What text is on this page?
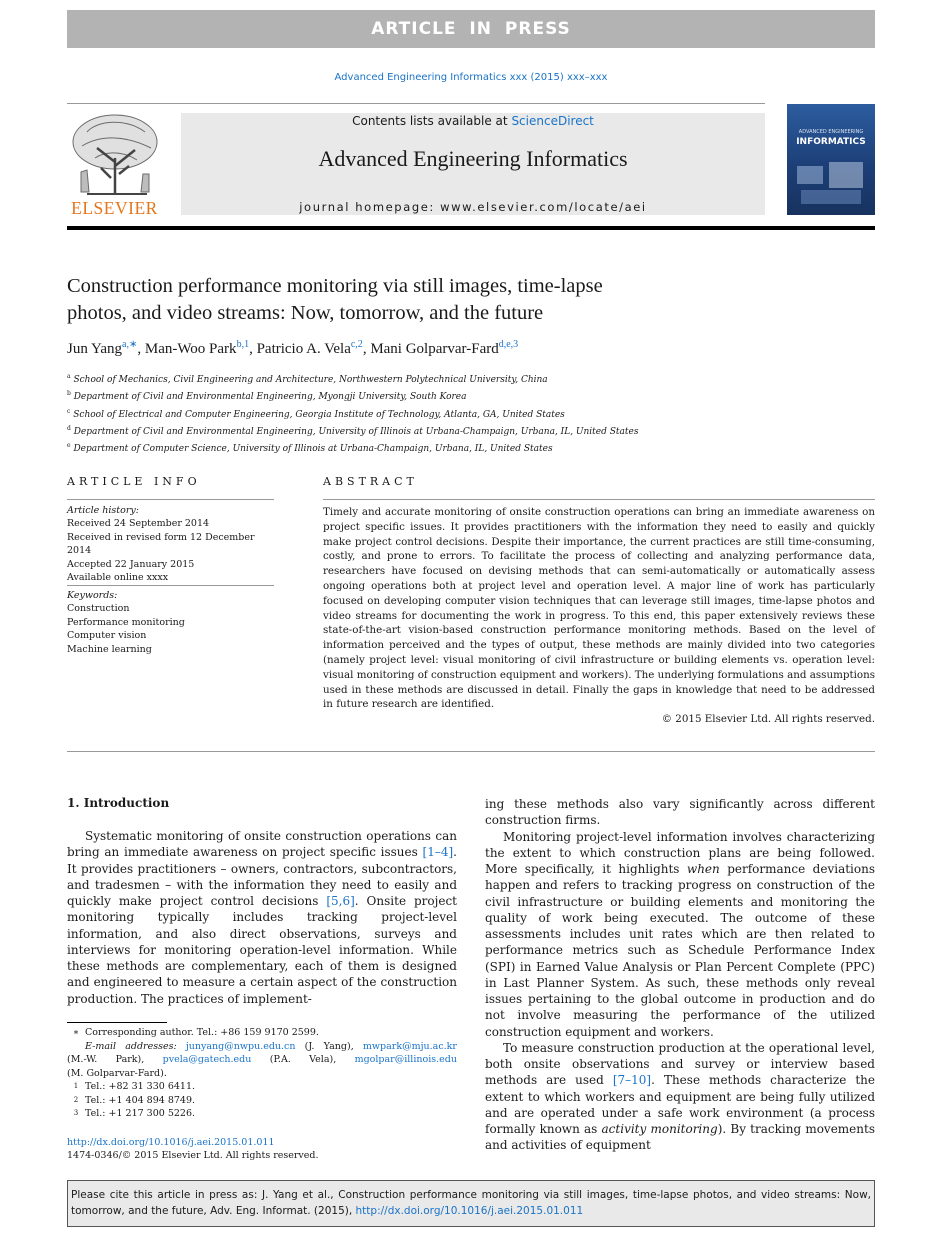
ARTICLE IN PRESS
Advanced Engineering Informatics xxx (2015) xxx–xxx
ELSEVIER
Contents lists available at ScienceDirect
Advanced Engineering Informatics
journal homepage: www.elsevier.com/locate/aei
ADVANCED ENGINEERING
INFORMATICS
Construction performance monitoring via still images, time-lapse
photos, and video streams: Now, tomorrow, and the future
Jun Yang$^{a,∗}$, Man-Woo Park$^{b,1}$, Patricio A. Vela$^{c,2}$, Mani Golparvar-Fard$^{d,e,3}$
$^a$ School of Mechanics, Civil Engineering and Architecture, Northwestern Polytechnical University, China
$^b$ Department of Civil and Environmental Engineering, Myongji University, South Korea
$^c$ School of Electrical and Computer Engineering, Georgia Institute of Technology, Atlanta, GA, United States
$^d$ Department of Civil and Environmental Engineering, University of Illinois at Urbana-Champaign, Urbana, IL, United States
$^e$ Department of Computer Science, University of Illinois at Urbana-Champaign, Urbana, IL, United States
ARTICLE INFO	ABSTRACT
Article history:
Received 24 September 2014
Received in revised form 12 December 2014
Accepted 22 January 2015
Available online xxxx
Keywords:
Construction
Performance monitoring
Computer vision
Machine learning
Timely and accurate monitoring of onsite construction operations can bring an immediate awareness on project specific issues. It provides practitioners with the information they need to easily and quickly make project control decisions. Despite their importance, the current practices are still time-consuming, costly, and prone to errors. To facilitate the process of collecting and analyzing performance data, researchers have focused on devising methods that can semi-automatically or automatically assess ongoing operations both at project level and operation level. A major line of work has particularly focused on developing computer vision techniques that can leverage still images, time-lapse photos and video streams for documenting the work in progress. To this end, this paper extensively reviews these state-of-the-art vision-based construction performance monitoring methods. Based on the level of information perceived and the types of output, these methods are mainly divided into two categories (namely project level: visual monitoring of civil infrastructure or building elements vs. operation level: visual monitoring of construction equipment and workers). The underlying formulations and assumptions used in these methods are discussed in detail. Finally the gaps in knowledge that need to be addressed in future research are identified.
© 2015 Elsevier Ltd. All rights reserved.
1. Introduction

Systematic monitoring of onsite construction operations can bring an immediate awareness on project specific issues [1–4]. It provides practitioners – owners, contractors, subcontractors, and tradesmen – with the information they need to easily and quickly make project control decisions [5,6]. Onsite project monitoring typically includes tracking project-level information, and also direct observations, surveys and interviews for monitoring operation-level information. While these methods are complementary, each of them is designed and engineered to measure a certain aspect of the construction production. The practices of implement-

ing these methods also vary significantly across different construction firms.

Monitoring project-level information involves characterizing the extent to which construction plans are being followed. More specifically, it highlights when performance deviations happen and refers to tracking progress on construction of the civil infrastructure or building elements and monitoring the quality of work being executed. The outcome of these assessments includes unit rates which are then related to performance metrics such as Schedule Performance Index (SPI) in Earned Value Analysis or Plan Percent Complete (PPC) in Last Planner System. As such, these methods only reveal issues pertaining to the global outcome in production and do not involve measuring the performance of the utilized construction equipment and workers.

To measure construction production at the operational level, both onsite observations and survey or interview based methods are used [7–10]. These methods characterize the extent to which workers and equipment are being fully utilized and are operated under a safe work environment (a process formally known as activity monitoring). By tracking movements and activities of equipment

∗ Corresponding author. Tel.: +86 159 9170 2599.
E-mail addresses: junyang@nwpu.edu.cn (J. Yang), mwpark@mju.ac.kr
(M.-W. Park), pvela@gatech.edu (P.A. Vela), mgolpar@illinois.edu
(M. Golparvar-Fard).
1 Tel.: +82 31 330 6411.
2 Tel.: +1 404 894 8749.
3 Tel.: +1 217 300 5226.
http://dx.doi.org/10.1016/j.aei.2015.01.011
1474-0346/© 2015 Elsevier Ltd. All rights reserved.
Please cite this article in press as: J. Yang et al., Construction performance monitoring via still images, time-lapse photos, and video streams: Now, tomorrow, and the future, Adv. Eng. Informat. (2015), http://dx.doi.org/10.1016/j.aei.2015.01.011
